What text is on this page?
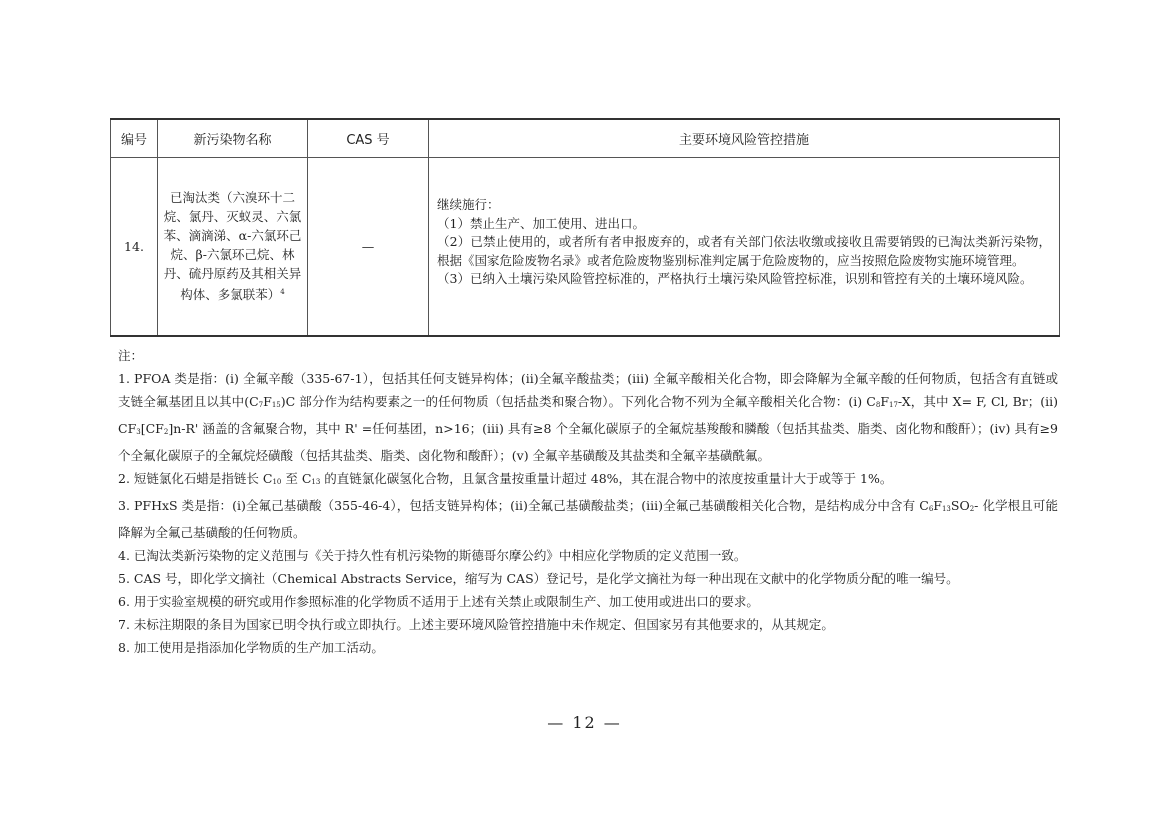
编号	新污染物名称	CAS 号	主要环境风险管控措施
14.	已淘汰类（六溴环十二烷、氯丹、灭蚁灵、六氯苯、滴滴涕、α-六氯环己烷、β-六氯环己烷、林丹、硫丹原药及其相关异构体、多氯联苯）$^4$	—	继续施行：
（1）禁止生产、加工使用、进出口。
（2）已禁止使用的，或者所有者申报废弃的，或者有关部门依法收缴或接收且需要销毁的已淘汰类新污染物，根据《国家危险废物名录》或者危险废物鉴别标准判定属于危险废物的，应当按照危险废物实施环境管理。
（3）已纳入土壤污染风险管控标准的，严格执行土壤污染风险管控标准，识别和管控有关的土壤环境风险。

注：

1. PFOA 类是指：(i) 全氟辛酸（335-67-1），包括其任何支链异构体；(ii)全氟辛酸盐类；(iii) 全氟辛酸相关化合物，即会降解为全氟辛酸的任何物质，包括含有直链或支链全氟基团且以其中$(C_7F_{15})C$ 部分作为结构要素之一的任何物质（包括盐类和聚合物）。下列化合物不列为全氟辛酸相关化合物：(i) $C_8F_{17}-X$，其中 X= F, Cl, Br；(ii) $CF_3[CF_2]n-R'$ 涵盖的含氟聚合物，其中 R' =任何基团，n>16；(iii) 具有≥8 个全氟化碳原子的全氟烷基羧酸和膦酸（包括其盐类、脂类、卤化物和酸酐）；(iv) 具有≥9 个全氟化碳原子的全氟烷烃磺酸（包括其盐类、脂类、卤化物和酸酐）；(v) 全氟辛基磺酸及其盐类和全氟辛基磺酰氟。

2. 短链氯化石蜡是指链长 $C_{10}$ 至 $C_{13}$ 的直链氯化碳氢化合物，且氯含量按重量计超过 48%，其在混合物中的浓度按重量计大于或等于 1%。

3. PFHxS 类是指：(i)全氟己基磺酸（355-46-4），包括支链异构体；(ii)全氟己基磺酸盐类；(iii)全氟己基磺酸相关化合物，是结构成分中含有 $C_6F_{13}SO_2-$ 化学根且可能降解为全氟己基磺酸的任何物质。

4. 已淘汰类新污染物的定义范围与《关于持久性有机污染物的斯德哥尔摩公约》中相应化学物质的定义范围一致。

5. CAS 号，即化学文摘社（Chemical Abstracts Service，缩写为 CAS）登记号，是化学文摘社为每一种出现在文献中的化学物质分配的唯一编号。

6. 用于实验室规模的研究或用作参照标准的化学物质不适用于上述有关禁止或限制生产、加工使用或进出口的要求。

7. 未标注期限的条目为国家已明令执行或立即执行。上述主要环境风险管控措施中未作规定、但国家另有其他要求的，从其规定。

8. 加工使用是指添加化学物质的生产加工活动。

— 12 —
